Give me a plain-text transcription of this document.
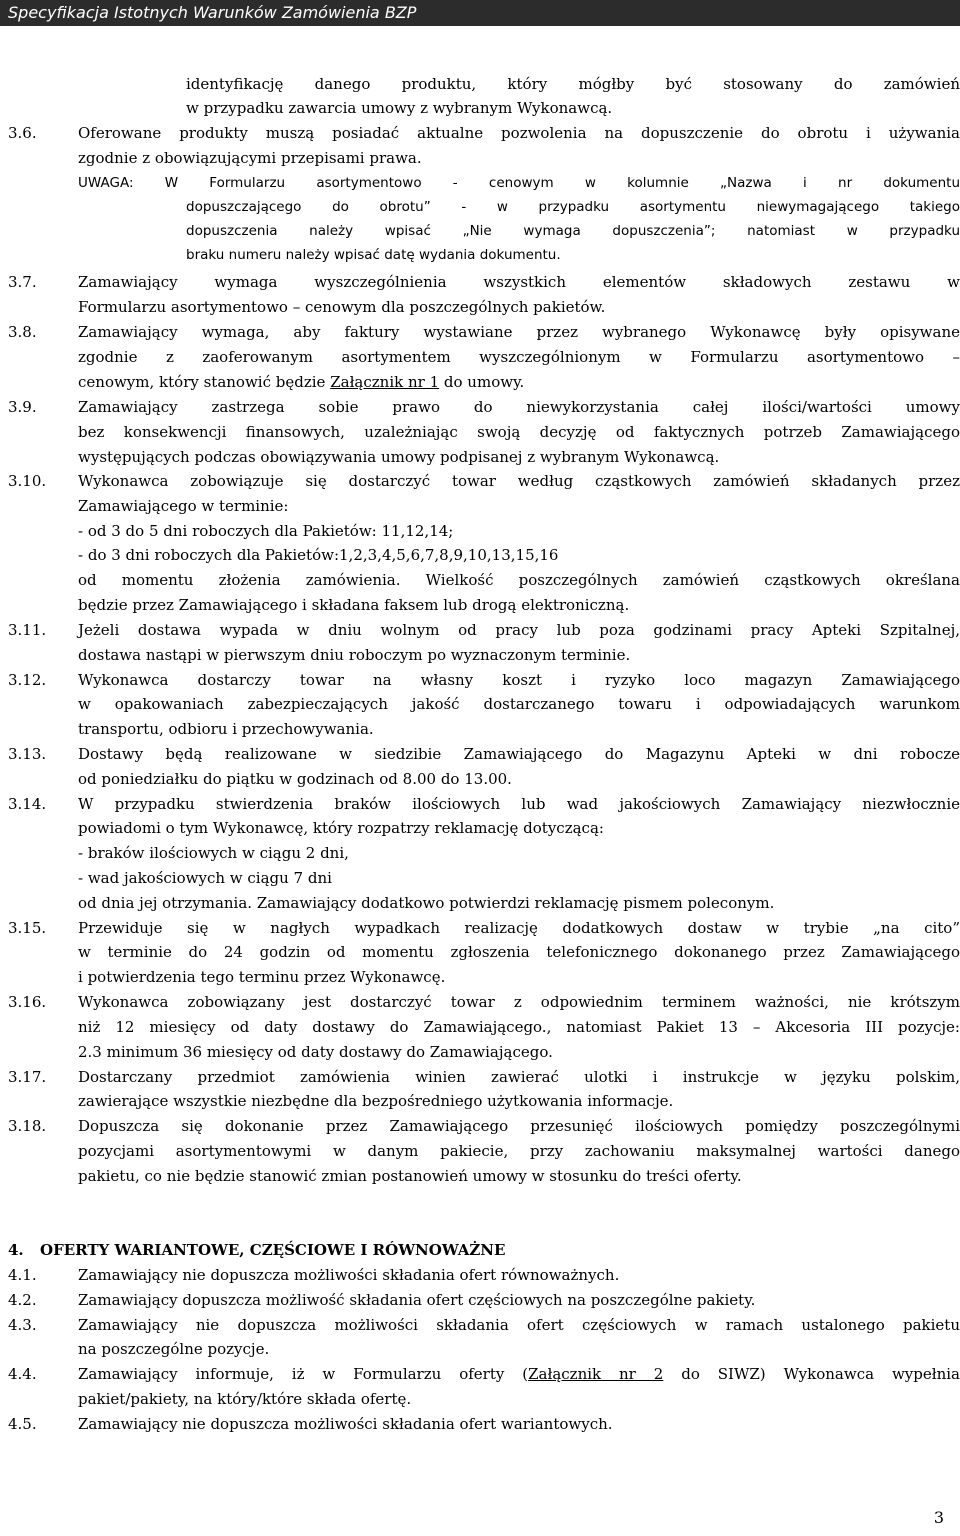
Specyfikacja Istotnych Warunków Zamówienia BZP
identyfikację danego produktu, który mógłby być stosowany do zamówień
w przypadku zawarcia umowy z wybranym Wykonawcą.
3.6.	Oferowane produkty muszą posiadać aktualne pozwolenia na dopuszczenie do obrotu i używania
zgodnie z obowiązującymi przepisami prawa.
UWAGA: W Formularzu asortymentowo - cenowym w kolumnie „Nazwa i nr dokumentu
dopuszczającego do obrotu” - w przypadku asortymentu niewymagającego takiego
dopuszczenia należy wpisać „Nie wymaga dopuszczenia”; natomiast w przypadku
braku numeru należy wpisać datę wydania dokumentu.
3.7.	Zamawiający wymaga wyszczególnienia wszystkich elementów składowych zestawu w
Formularzu asortymentowo – cenowym dla poszczególnych pakietów.
3.8.	Zamawiający wymaga, aby faktury wystawiane przez wybranego Wykonawcę były opisywane
zgodnie z zaoferowanym asortymentem wyszczególnionym w Formularzu asortymentowo –
cenowym, który stanowić będzie Załącznik nr 1 do umowy.
3.9.	Zamawiający zastrzega sobie prawo do niewykorzystania całej ilości/wartości umowy
bez konsekwencji finansowych, uzależniając swoją decyzję od faktycznych potrzeb Zamawiającego
występujących podczas obowiązywania umowy podpisanej z wybranym Wykonawcą.
3.10. Wykonawca zobowiązuje się dostarczyć towar według cząstkowych zamówień składanych przez
Zamawiającego w terminie:
- od 3 do 5 dni roboczych dla Pakietów: 11,12,14;
- do 3 dni roboczych dla Pakietów:1,2,3,4,5,6,7,8,9,10,13,15,16
od momentu złożenia zamówienia. Wielkość poszczególnych zamówień cząstkowych określana
będzie przez Zamawiającego i składana faksem lub drogą elektroniczną.
3.11. Jeżeli dostawa wypada w dniu wolnym od pracy lub poza godzinami pracy Apteki Szpitalnej,
dostawa nastąpi w pierwszym dniu roboczym po wyznaczonym terminie.
3.12. Wykonawca dostarczy towar na własny koszt i ryzyko loco magazyn Zamawiającego
w opakowaniach zabezpieczających jakość dostarczanego towaru i odpowiadających warunkom
transportu, odbioru i przechowywania.
3.13. Dostawy będą realizowane w siedzibie Zamawiającego do Magazynu Apteki w dni robocze
od poniedziałku do piątku w godzinach od 8.00 do 13.00.
3.14. W przypadku stwierdzenia braków ilościowych lub wad jakościowych Zamawiający niezwłocznie
powiadomi o tym Wykonawcę, który rozpatrzy reklamację dotyczącą:
- braków ilościowych w ciągu 2 dni,
- wad jakościowych w ciągu 7 dni
od dnia jej otrzymania. Zamawiający dodatkowo potwierdzi reklamację pismem poleconym.
3.15. Przewiduje się w nagłych wypadkach realizację dodatkowych dostaw w trybie „na cito”
w terminie do 24 godzin od momentu zgłoszenia telefonicznego dokonanego przez Zamawiającego
i potwierdzenia tego terminu przez Wykonawcę.
3.16. Wykonawca zobowiązany jest dostarczyć towar z odpowiednim terminem ważności, nie krótszym
niż 12 miesięcy od daty dostawy do Zamawiającego., natomiast Pakiet 13 – Akcesoria III pozycje:
2.3 minimum 36 miesięcy od daty dostawy do Zamawiającego.
3.17. Dostarczany przedmiot zamówienia winien zawierać ulotki i instrukcje w języku polskim,
zawierające wszystkie niezbędne dla bezpośredniego użytkowania informacje.
3.18. Dopuszcza się dokonanie przez Zamawiającego przesunięć ilościowych pomiędzy poszczególnymi
pozycjami asortymentowymi w danym pakiecie, przy zachowaniu maksymalnej wartości danego
pakietu, co nie będzie stanowić zmian postanowień umowy w stosunku do treści oferty.
4. OFERTY WARIANTOWE, CZĘŚCIOWE I RÓWNOWAŻNE
4.1.	Zamawiający nie dopuszcza możliwości składania ofert równoważnych.
4.2.	Zamawiający dopuszcza możliwość składania ofert częściowych na poszczególne pakiety.
4.3.	Zamawiający nie dopuszcza możliwości składania ofert częściowych w ramach ustalonego pakietu
na poszczególne pozycje.
4.4.	Zamawiający informuje, iż w Formularzu oferty (Załącznik nr 2 do SIWZ) Wykonawca wypełnia
pakiet/pakiety, na który/które składa ofertę.
4.5.	Zamawiający nie dopuszcza możliwości składania ofert wariantowych.
3
